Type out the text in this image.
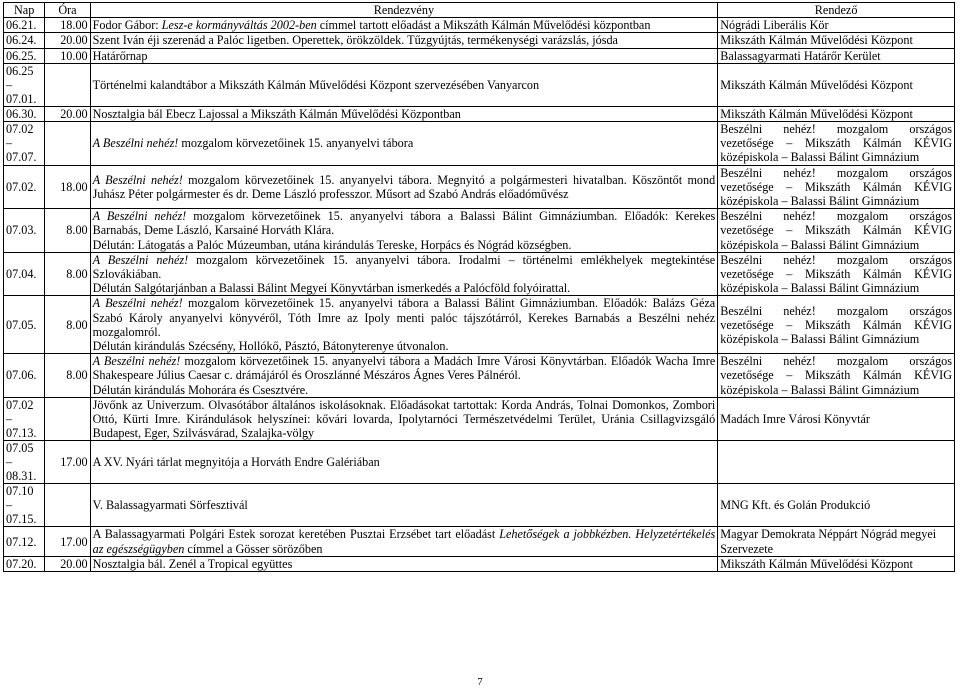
Nap	Óra	Rendezvény	Rendező
06.21.	18.00	Fodor Gábor: Lesz-e kormányváltás 2002-ben címmel tartott előadást a Mikszáth Kálmán Művelődési központban	Nógrádi Liberális Kör
06.24.	20.00	Szent Iván éji szerenád a Palóc ligetben. Operettek, örökzöldek. Tűzgyújtás, termékenységi varázslás, jósda	Mikszáth Kálmán Művelődési Központ
06.25.	10.00	Határőrnap	Balassagyarmati Határőr Kerület
06.25 – 07.01.		Történelmi kalandtábor a Mikszáth Kálmán Művelődési Központ szervezésében Vanyarcon	Mikszáth Kálmán Művelődési Központ
06.30.	20.00	Nosztalgia bál Ebecz Lajossal a Mikszáth Kálmán Művelődési Központban	Mikszáth Kálmán Művelődési Központ
07.02 – 07.07.		A Beszélni nehéz! mozgalom körvezetőinek 15. anyanyelvi tábora	Beszélni nehéz! mozgalom országos vezetősége – Mikszáth Kálmán KÉVIG középiskola – Balassi Bálint Gimnázium
07.02.	18.00	A Beszélni nehéz! mozgalom körvezetőinek 15. anyanyelvi tábora. Megnyitó a polgármesteri hivatalban. Köszöntőt mond Juhász Péter polgármester és dr. Deme László professzor. Műsort ad Szabó András előadóművész	Beszélni nehéz! mozgalom országos vezetősége – Mikszáth Kálmán KÉVIG középiskola – Balassi Bálint Gimnázium
07.03.	8.00	A Beszélni nehéz! mozgalom körvezetőinek 15. anyanyelvi tábora a Balassi Bálint Gimnáziumban. Előadók: Kerekes Barnabás, Deme László, Karsainé Horváth Klára.
Délután: Látogatás a Palóc Múzeumban, utána kirándulás Tereske, Horpács és Nógrád községben.	Beszélni nehéz! mozgalom országos vezetősége – Mikszáth Kálmán KÉVIG középiskola – Balassi Bálint Gimnázium
07.04.	8.00	A Beszélni nehéz! mozgalom körvezetőinek 15. anyanyelvi tábora. Irodalmi – történelmi emlékhelyek megtekintése Szlovákiában.
Délután Salgótarjánban a Balassi Bálint Megyei Könyvtárban ismerkedés a Palócföld folyóirattal.	Beszélni nehéz! mozgalom országos vezetősége – Mikszáth Kálmán KÉVIG középiskola – Balassi Bálint Gimnázium
07.05.	8.00	A Beszélni nehéz! mozgalom körvezetőinek 15. anyanyelvi tábora a Balassi Bálint Gimnáziumban. Előadók: Balázs Géza Szabó Károly anyanyelvi könyvéről, Tóth Imre az Ipoly menti palóc tájszótárról, Kerekes Barnabás a Beszélni nehéz mozgalomról.
Délután kirándulás Szécsény, Hollókő, Pásztó, Bátonyterenye útvonalon.	Beszélni nehéz! mozgalom országos vezetősége – Mikszáth Kálmán KÉVIG középiskola – Balassi Bálint Gimnázium
07.06.	8.00	A Beszélni nehéz! mozgalom körvezetőinek 15. anyanyelvi tábora a Madách Imre Városi Könyvtárban. Előadók Wacha Imre Shakespeare Július Caesar c. drámájáról és Oroszlánné Mészáros Ágnes Veres Pálnéról.
Délután kirándulás Mohorára és Csesztvére.	Beszélni nehéz! mozgalom országos vezetősége – Mikszáth Kálmán KÉVIG középiskola – Balassi Bálint Gimnázium
07.02 – 07.13.		Jövőnk az Univerzum. Olvasótábor általános iskolásoknak. Előadásokat tartottak: Korda András, Tolnai Domonkos, Zombori Ottó, Kürti Imre. Kirándulások helyszínei: kővári lovarda, Ipolytarnóci Természetvédelmi Terület, Uránia Csillagvizsgáló Budapest, Eger, Szilvásvárad, Szalajka-völgy	Madách Imre Városi Könyvtár
07.05 – 08.31.	17.00	A XV. Nyári tárlat megnyitója a Horváth Endre Galériában	
07.10 – 07.15.		V. Balassagyarmati Sörfesztivál	MNG Kft. és Golán Produkció
07.12.	17.00	A Balassagyarmati Polgári Estek sorozat keretében Pusztai Erzsébet tart előadást Lehetőségek a jobbkézben. Helyzetértékelés az egészségügyben címmel a Gösser sörözőben	Magyar Demokrata Néppárt Nógrád megyei Szervezete
07.20.	20.00	Nosztalgia bál. Zenél a Tropical együttes	Mikszáth Kálmán Művelődési Központ
7
